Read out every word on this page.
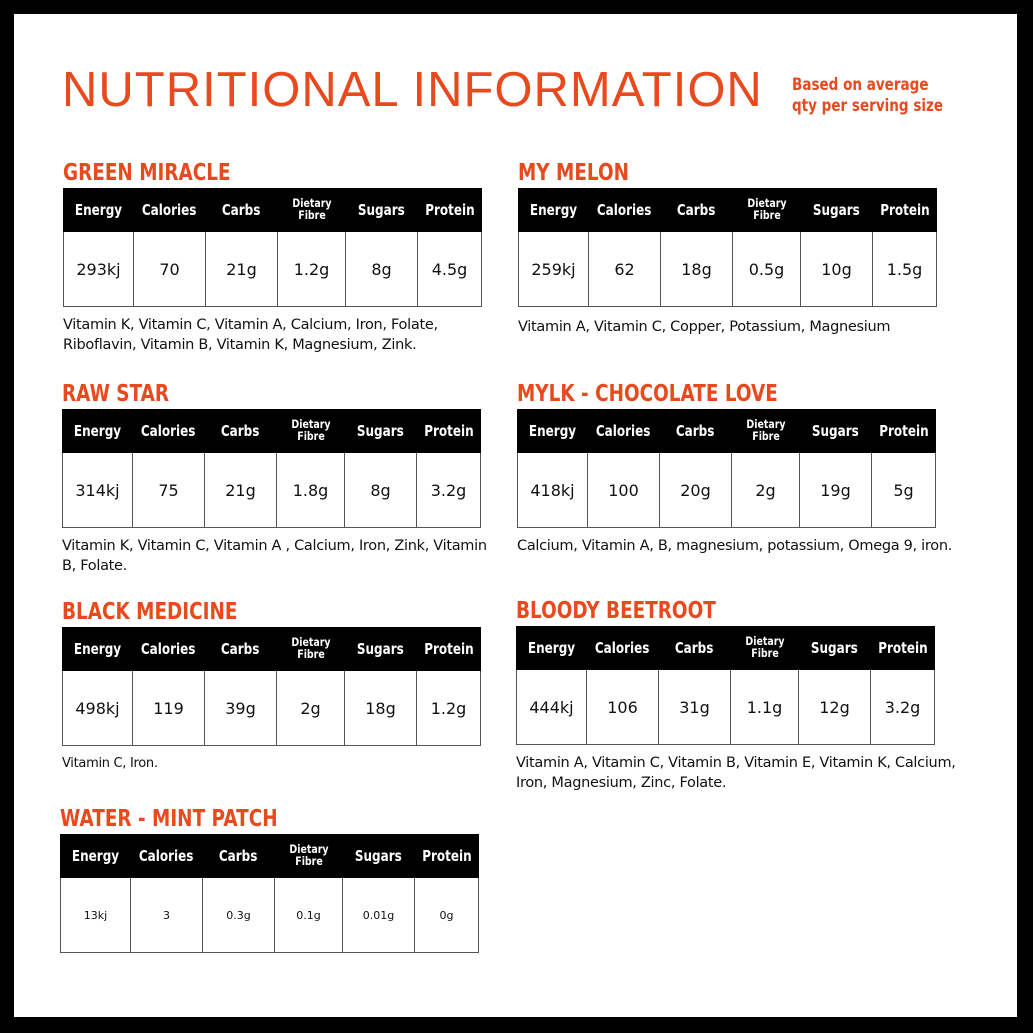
NUTRITIONAL INFORMATION Based on average
qty per serving size
GREEN MIRACLE
Energy	Calories	Carbs	Dietary Fibre	Sugars	Protein
293kj	70	21g	1.2g	8g	4.5g

Vitamin K, Vitamin C, Vitamin A, Calcium, Iron, Folate, Riboflavin, Vitamin B, Vitamin K, Magnesium, Zink.

MY MELON
Energy	Calories	Carbs	Dietary Fibre	Sugars	Protein
259kj	62	18g	0.5g	10g	1.5g

Vitamin A, Vitamin C, Copper, Potassium, Magnesium

RAW STAR
Energy	Calories	Carbs	Dietary Fibre	Sugars	Protein
314kj	75	21g	1.8g	8g	3.2g

Vitamin K, Vitamin C, Vitamin A , Calcium, Iron, Zink, Vitamin B, Folate.

MYLK - CHOCOLATE LOVE
Energy	Calories	Carbs	Dietary Fibre	Sugars	Protein
418kj	100	20g	2g	19g	5g

Calcium, Vitamin A, B, magnesium, potassium, Omega 9, iron.

BLACK MEDICINE
Energy	Calories	Carbs	Dietary Fibre	Sugars	Protein
498kj	119	39g	2g	18g	1.2g

Vitamin C, Iron.

BLOODY BEETROOT
Energy	Calories	Carbs	Dietary Fibre	Sugars	Protein
444kj	106	31g	1.1g	12g	3.2g

Vitamin A, Vitamin C, Vitamin B, Vitamin E, Vitamin K, Calcium, Iron, Magnesium, Zinc, Folate.

WATER - MINT PATCH
Energy	Calories	Carbs	Dietary Fibre	Sugars	Protein
13kj	3	0.3g	0.1g	0.01g	0g
